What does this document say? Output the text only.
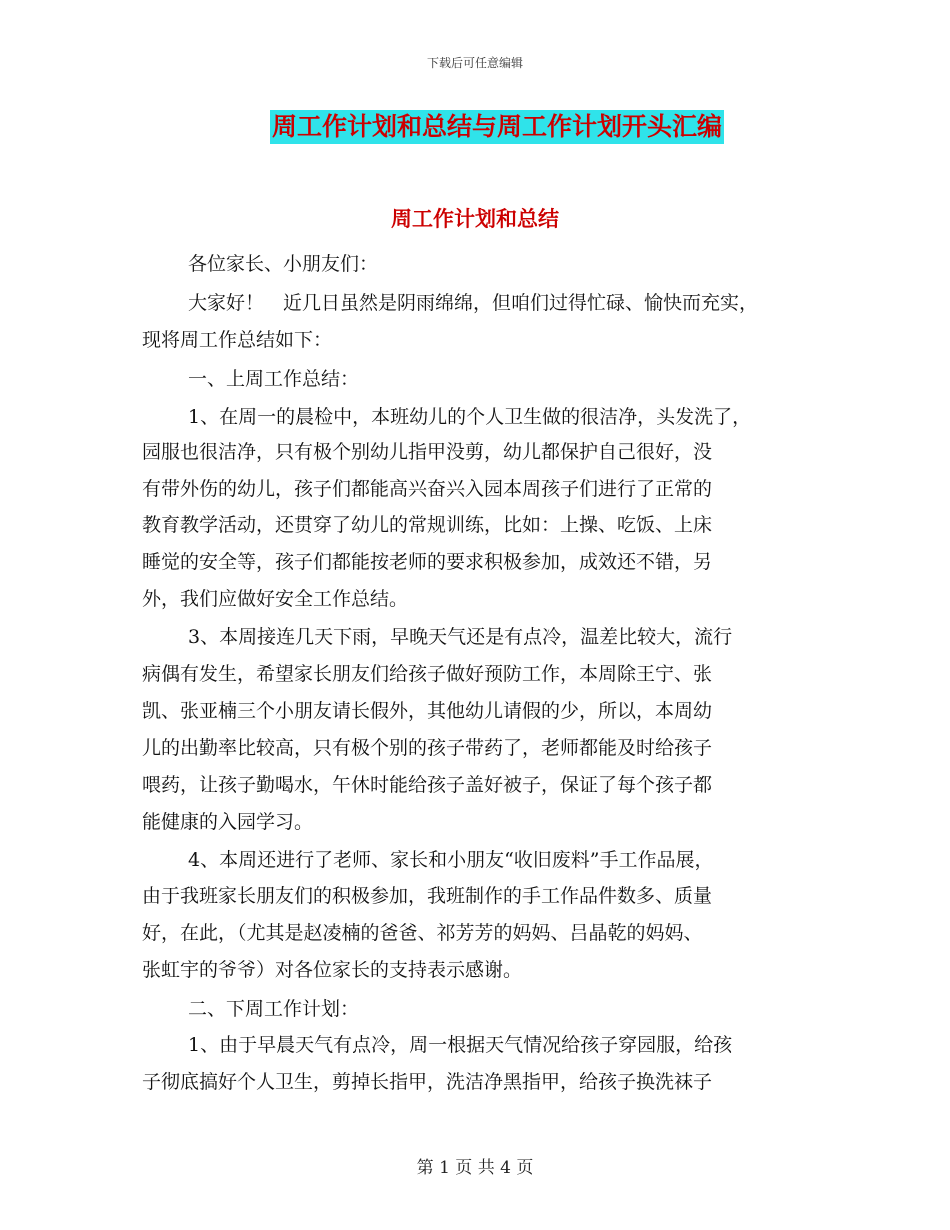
下载后可任意编辑
周工作计划和总结与周工作计划开头汇编
周工作计划和总结
各位家长、小朋友们：
大家好！　近几日虽然是阴雨绵绵，但咱们过得忙碌、愉快而充实，
现将周工作总结如下：
一、上周工作总结：
1、在周一的晨检中，本班幼儿的个人卫生做的很洁净，头发洗了，
园服也很洁净，只有极个别幼儿指甲没剪，幼儿都保护自己很好，没
有带外伤的幼儿，孩子们都能高兴奋兴入园本周孩子们进行了正常的
教育教学活动，还贯穿了幼儿的常规训练，比如：上操、吃饭、上床
睡觉的安全等，孩子们都能按老师的要求积极参加，成效还不错，另
外，我们应做好安全工作总结。
3、本周接连几天下雨，早晚天气还是有点冷，温差比较大，流行
病偶有发生，希望家长朋友们给孩子做好预防工作，本周除王宁、张
凯、张亚楠三个小朋友请长假外，其他幼儿请假的少，所以，本周幼
儿的出勤率比较高，只有极个别的孩子带药了，老师都能及时给孩子
喂药，让孩子勤喝水，午休时能给孩子盖好被子，保证了每个孩子都
能健康的入园学习。
4、本周还进行了老师、家长和小朋友“收旧废料”手工作品展，
由于我班家长朋友们的积极参加，我班制作的手工作品件数多、质量
好，在此，（尤其是赵凌楠的爸爸、祁芳芳的妈妈、吕晶乾的妈妈、
张虹宇的爷爷）对各位家长的支持表示感谢。
二、下周工作计划：
1、由于早晨天气有点冷，周一根据天气情况给孩子穿园服，给孩
子彻底搞好个人卫生，剪掉长指甲，洗洁净黑指甲，给孩子换洗袜子
第 1 页 共 4 页
